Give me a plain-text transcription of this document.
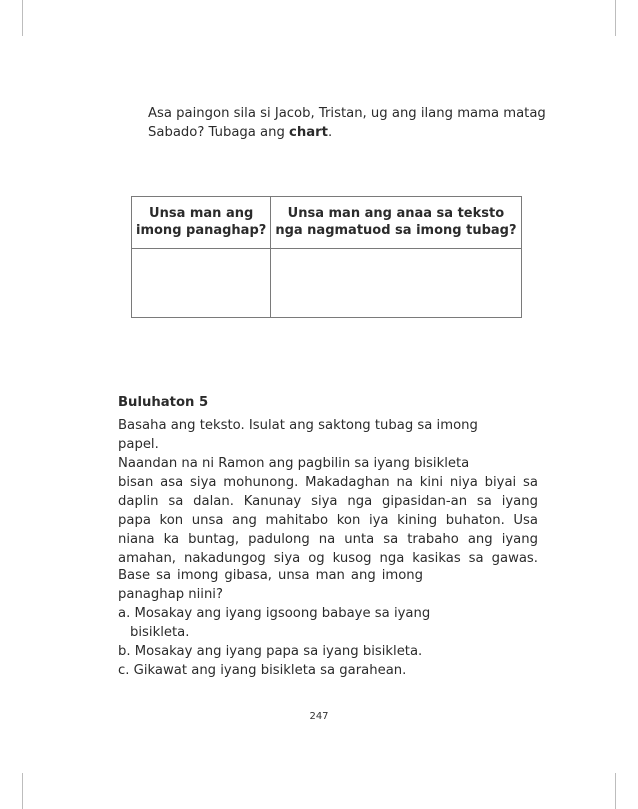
Asa paingon sila si Jacob, Tristan, ug ang ilang mama matag Sabado? Tubaga ang chart.

Unsa man ang
imong panaghap?	Unsa man ang anaa sa teksto
nga nagmatuod sa imong tubag?

Buluhaton 5

Basaha ang teksto. Isulat ang saktong tubag sa imong
papel.
Naandan na ni Ramon ang pagbilin sa iyang bisikleta
bisan asa siya mohunong. Makadaghan na kini niya biyai sa
daplin sa dalan. Kanunay siya nga gipasidan-an sa iyang
papa kon unsa ang mahitabo kon iya kining buhaton. Usa
niana ka buntag, padulong na unta sa trabaho ang iyang
amahan, nakadungog siya og kusog nga kasikas sa gawas.
Base sa imong gibasa, unsa man ang imong
panaghap niini?
a. Mosakay ang iyang igsoong babaye sa iyang bisikleta.
b. Mosakay ang iyang papa sa iyang bisikleta.
c. Gikawat ang iyang bisikleta sa garahean.
247
